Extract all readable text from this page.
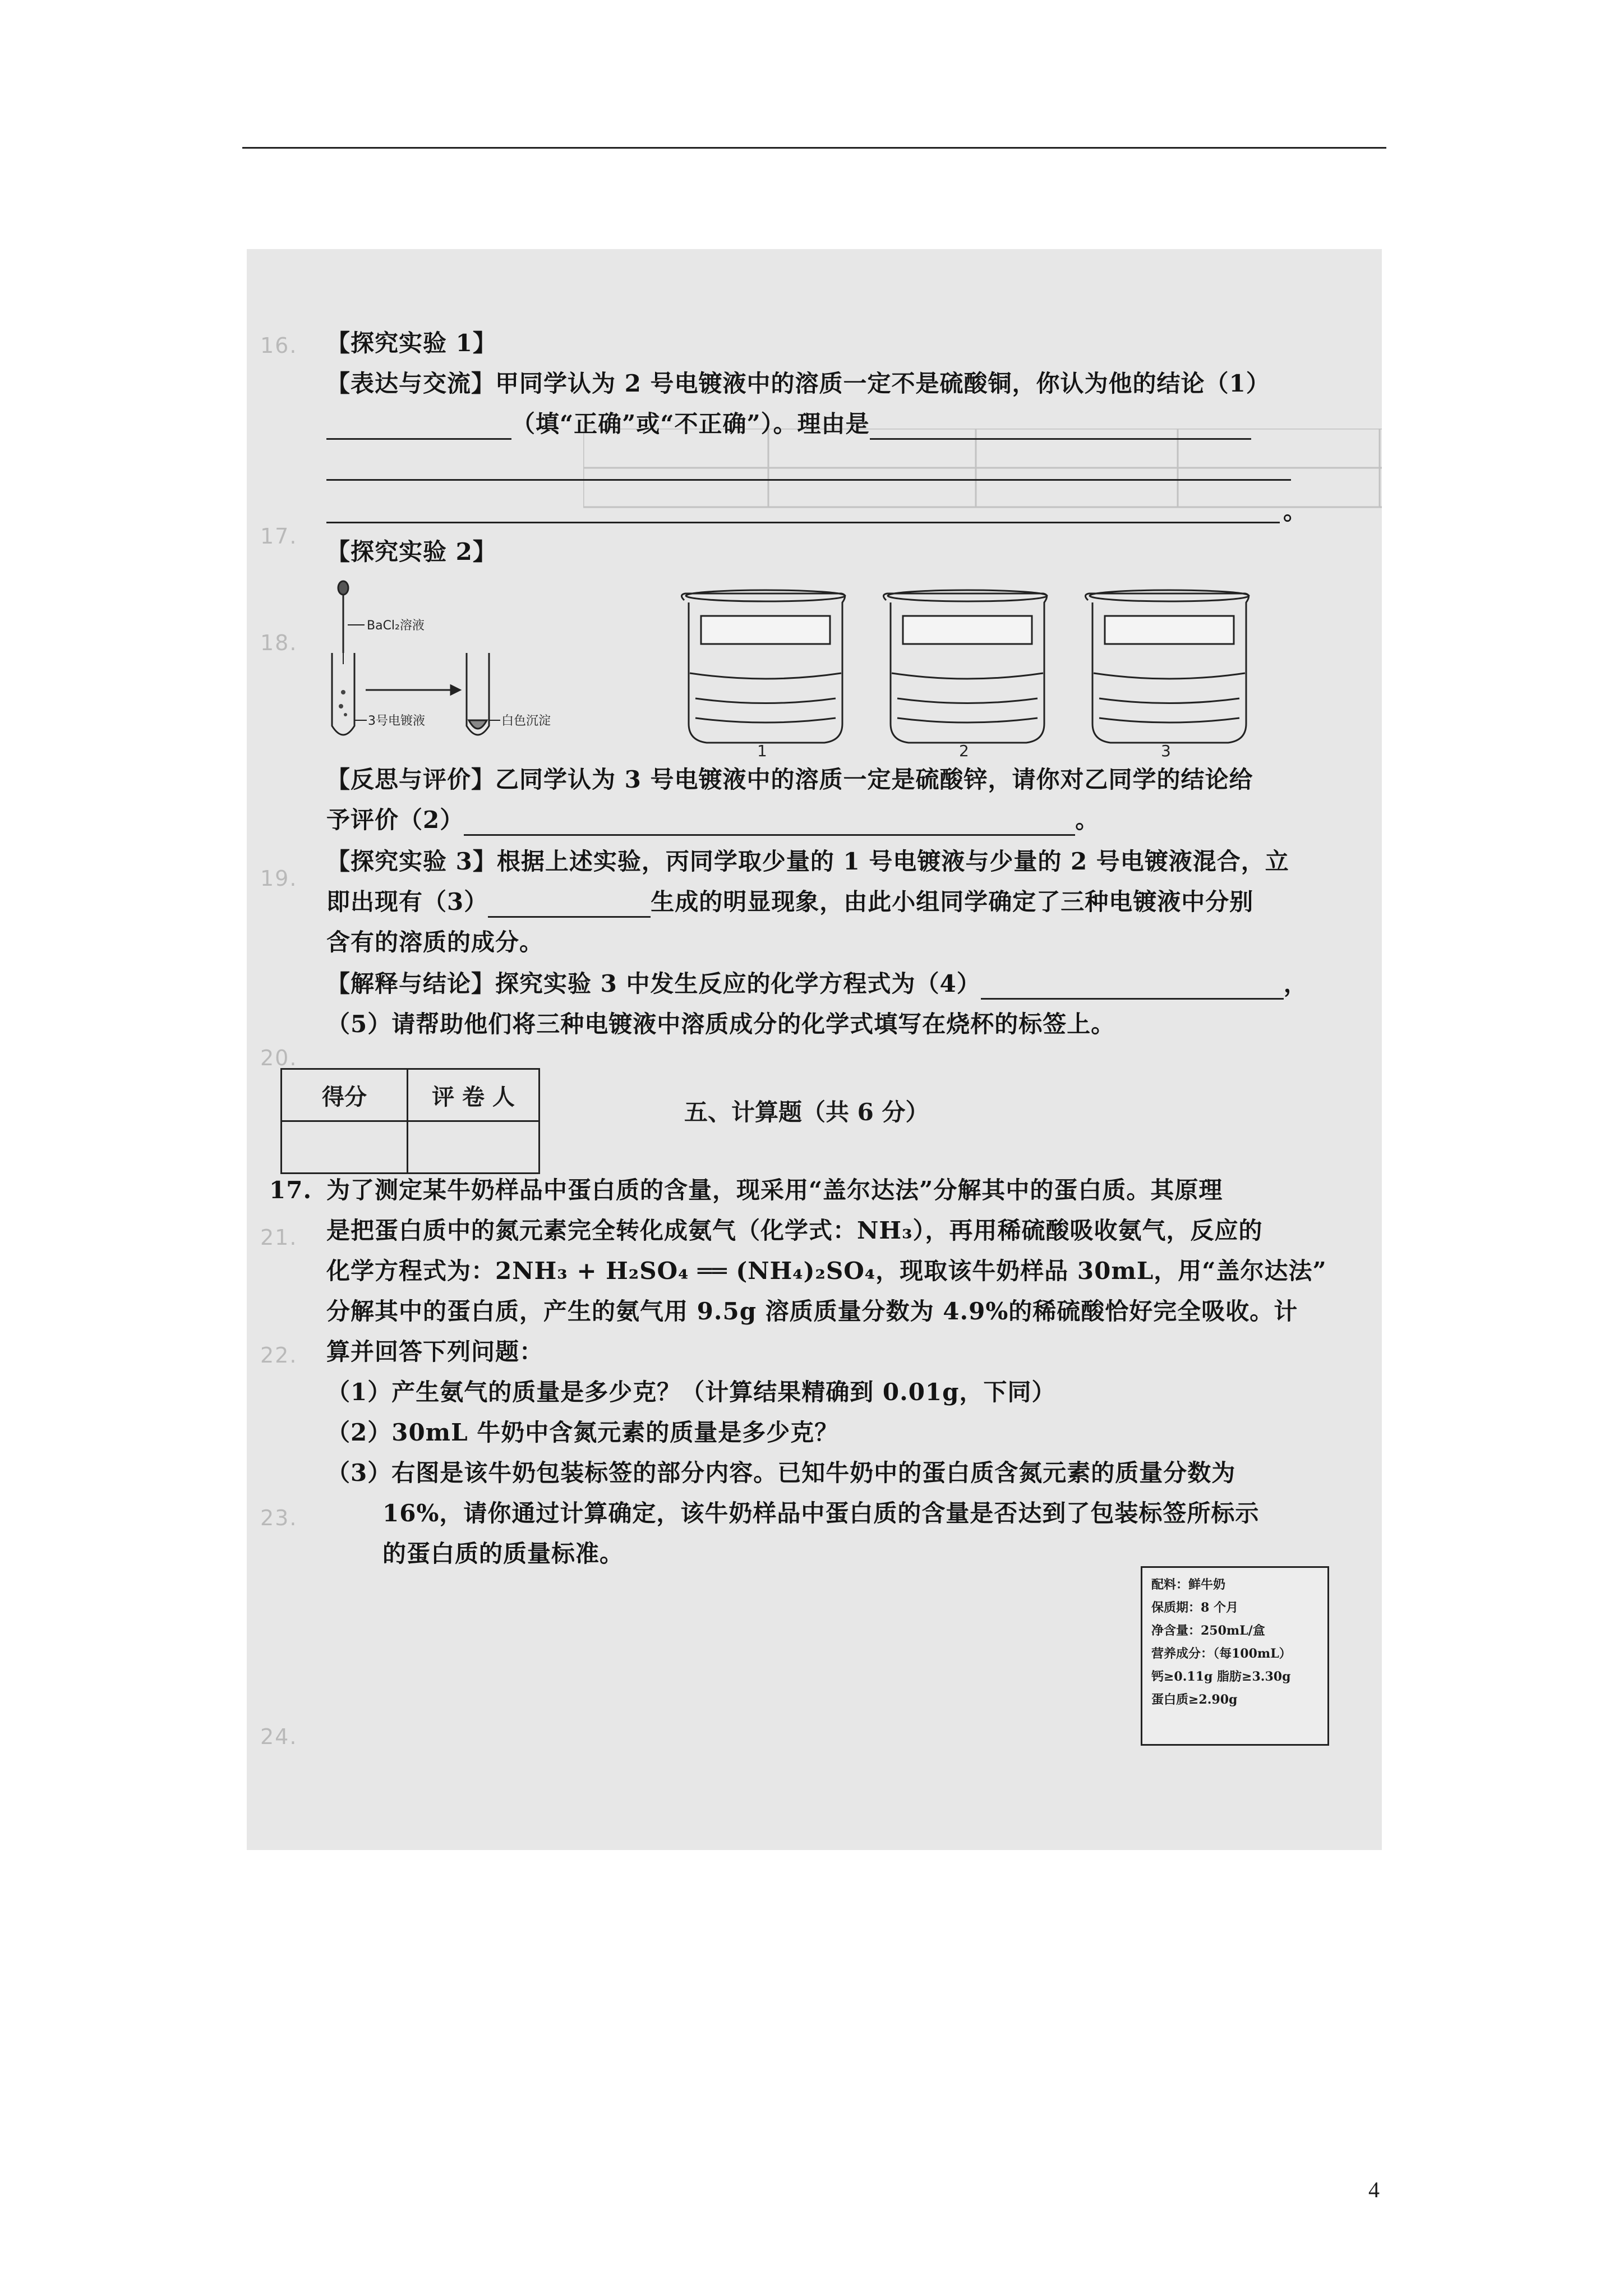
16.
17.
18.
19.
20.
21.
22.
23.
24.
【探究实验 1】
【表达与交流】甲同学认为 2 号电镀液中的溶质一定不是硫酸铜，你认为他的结论（1）
（填“正确”或“不正确”）。理由是
。
【探究实验 2】
BaCl₂溶液
3号电镀液	白色沉淀
1	2	3
【反思与评价】乙同学认为 3 号电镀液中的溶质一定是硫酸锌，请你对乙同学的结论给
予评价（2）	。
【探究实验 3】根据上述实验，丙同学取少量的 1 号电镀液与少量的 2 号电镀液混合，立
即出现有（3）	生成的明显现象，由此小组同学确定了三种电镀液中分别
含有的溶质的成分。
【解释与结论】探究实验 3 中发生反应的化学方程式为（4）	，
（5）请帮助他们将三种电镀液中溶质成分的化学式填写在烧杯的标签上。
得分	评 卷 人

五、计算题（共 6 分）
17. 为了测定某牛奶样品中蛋白质的含量，现采用“盖尔达法”分解其中的蛋白质。其原理
是把蛋白质中的氮元素完全转化成氨气（化学式：NH₃），再用稀硫酸吸收氨气，反应的
化学方程式为：2NH₃ + H₂SO₄ ══ (NH₄)₂SO₄，现取该牛奶样品 30mL，用“盖尔达法”
分解其中的蛋白质，产生的氨气用 9.5g 溶质质量分数为 4.9%的稀硫酸恰好完全吸收。计
算并回答下列问题：
（1）产生氨气的质量是多少克？（计算结果精确到 0.01g，下同）
（2）30mL 牛奶中含氮元素的质量是多少克？
（3）右图是该牛奶包装标签的部分内容。已知牛奶中的蛋白质含氮元素的质量分数为
16%，请你通过计算确定，该牛奶样品中蛋白质的含量是否达到了包装标签所标示
的蛋白质的质量标准。
配料：鲜牛奶
保质期：8 个月
净含量：250mL/盒
营养成分：（每100mL）
钙≥0.11g 脂肪≥3.30g
蛋白质≥2.90g
4
